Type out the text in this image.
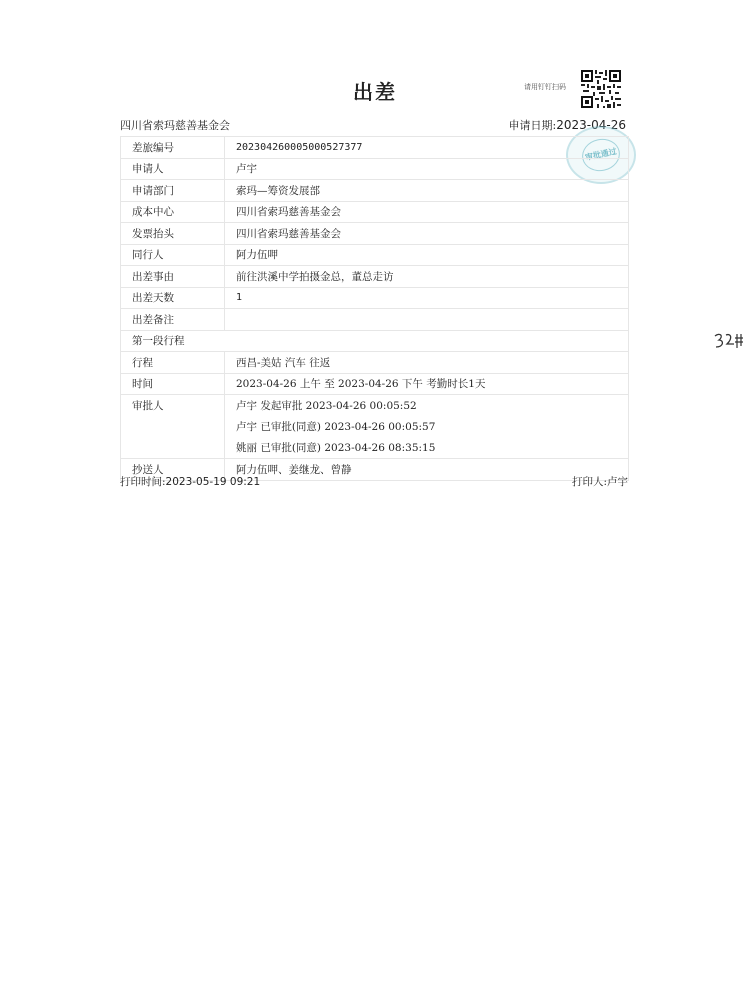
出差	请用钉钉扫码
四川省索玛慈善基金会	申请日期:2023-04-26
审批通过
差旅编号	202304260005000527377
申请人	卢宇
申请部门	索玛—筹资发展部
成本中心	四川省索玛慈善基金会
发票抬头	四川省索玛慈善基金会
同行人	阿力伍呷
出差事由	前往洪溪中学拍摄金总，董总走访
出差天数	1
出差备注	
第一段行程	
行程	西昌-美姑 汽车 往返
时间	2023-04-26 上午 至 2023-04-26 下午 考勤时长1天

审批人	卢宇 发起审批 2023-04-26 00:05:52
卢宇 已审批(同意) 2023-04-26 00:05:57
姚丽 已审批(同意) 2023-04-26 08:35:15

抄送人	阿力伍呷、姜继龙、曾静
打印时间:2023-05-19 09:21	打印人:卢宇
